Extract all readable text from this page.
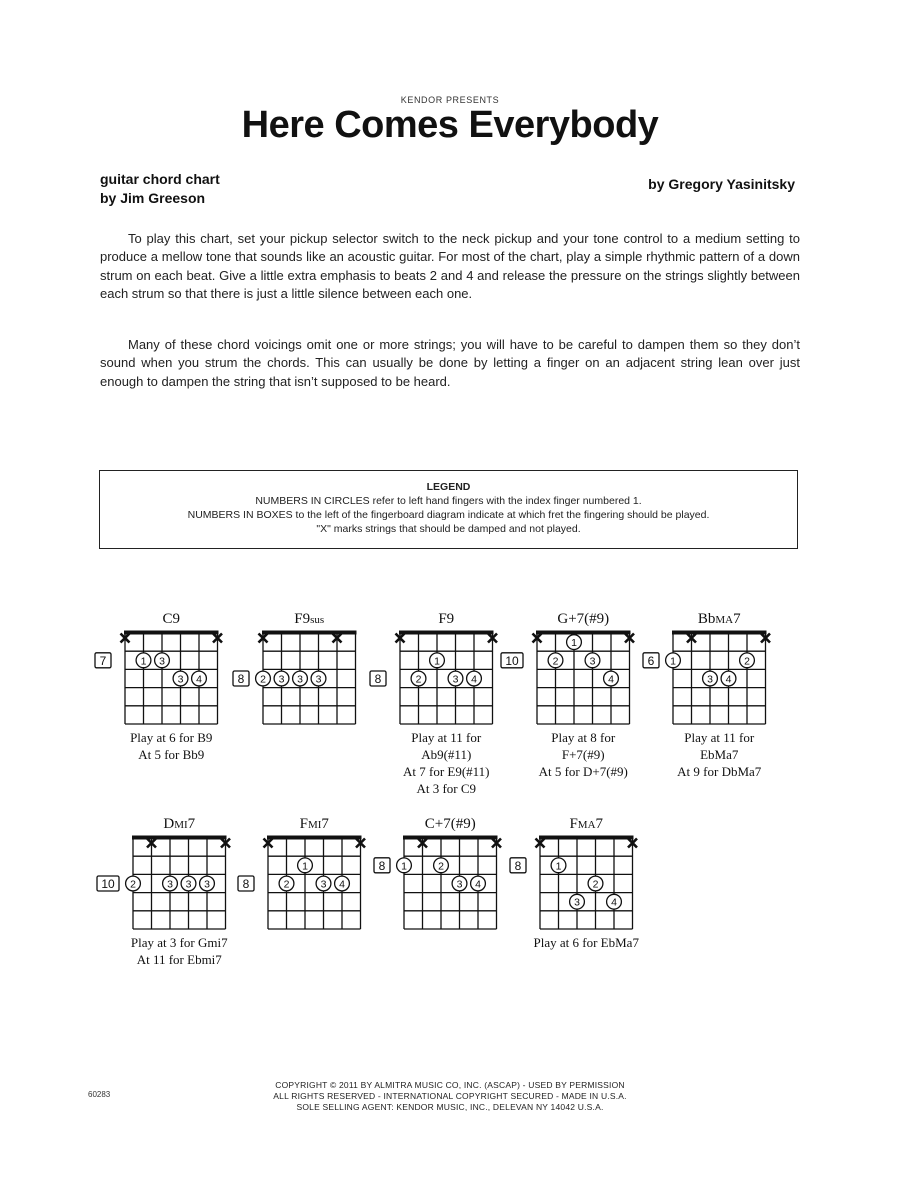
KENDOR PRESENTS
Here Comes Everybody
guitar chord chart
by Jim Greeson
by Gregory Yasinitsky

To play this chart, set your pickup selector switch to the neck pickup and your tone control to a medium setting to produce a mellow tone that sounds like an acoustic guitar. For most of the chart, play a simple rhythmic pattern of a down strum on each beat. Give a little extra emphasis to beats 2 and 4 and release the pressure on the strings slightly between each strum so that there is just a little silence between each one.

Many of these chord voicings omit one or more strings; you will have to be careful to dampen them so they don’t sound when you strum the chords. This can usually be done by letting a finger on an adjacent string lean over just enough to dampen the string that isn’t supposed to be heard.

LEGEND
NUMBERS IN CIRCLES refer to left hand fingers with the index finger numbered 1.
NUMBERS IN BOXES to the left of the fingerboard diagram indicate at which fret the fingering should be played.
"X" marks strings that should be damped and not played.
C9
7	1 3
3 4
F9sus
8 2 3 3 3
F9
8
1
2	3 4
G+7(#9)
10
1
2	3
4
BbMA7
6 1	2
3 4
DMI7
10 2	3 3 3
FMI7
8
1
2	3 4
C+7(#9)
8 1	2
3 4
FMA7
8	1
2
3	4
Play at 6 for B9
At 5 for Bb9
Play at 11 for
Ab9(#11)
At 7 for E9(#11)
At 3 for C9
Play at 8 for
F+7(#9)
At 5 for D+7(#9)
Play at 11 for
EbMa7
At 9 for DbMa7
Play at 3 for Gmi7
At 11 for Ebmi7
Play at 6 for EbMa7
60283
COPYRIGHT © 2011 BY ALMITRA MUSIC CO, INC. (ASCAP) - USED BY PERMISSION
ALL RIGHTS RESERVED - INTERNATIONAL COPYRIGHT SECURED - MADE IN U.S.A.
SOLE SELLING AGENT: KENDOR MUSIC, INC., DELEVAN NY 14042 U.S.A.
